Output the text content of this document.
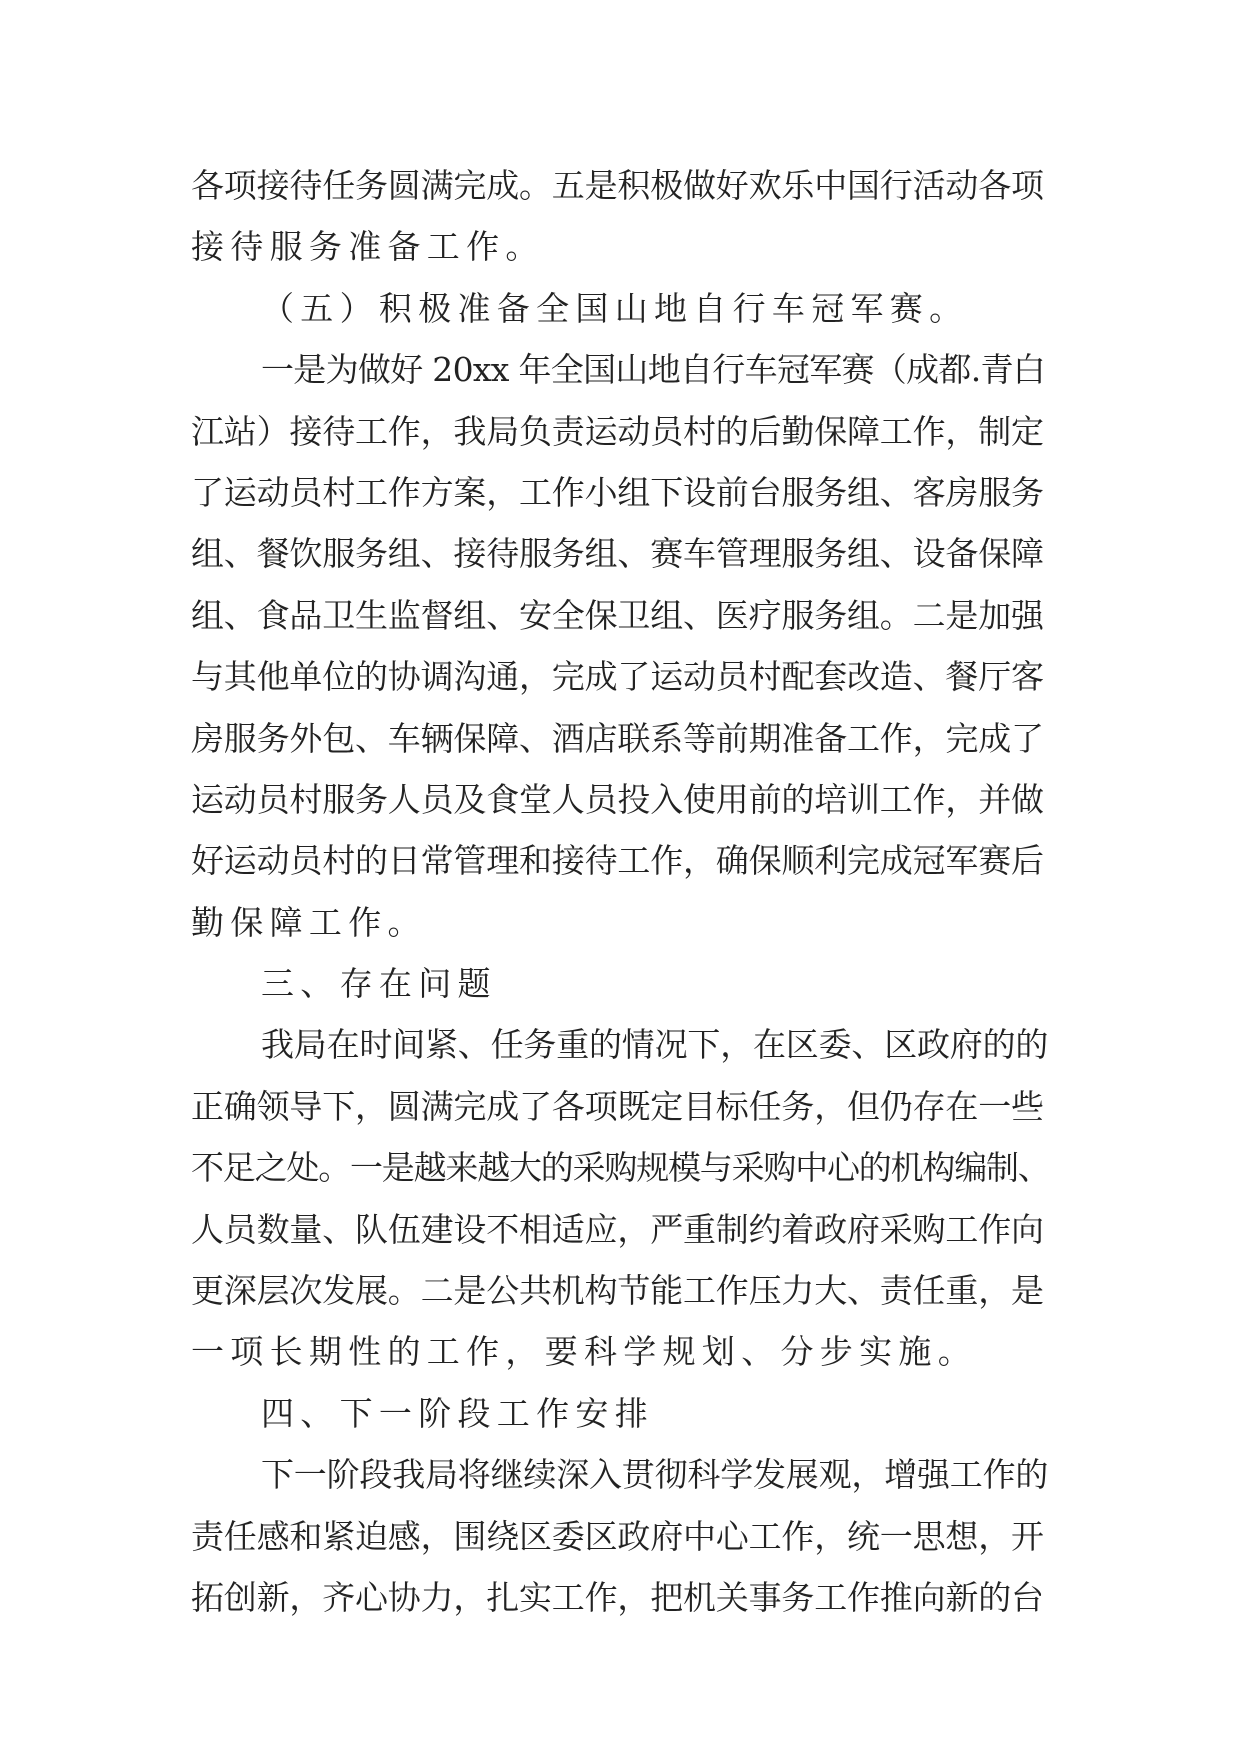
各项接待任务圆满完成。五是积极做好欢乐中国行活动各项
接待服务准备工作。
（五）积极准备全国山地自行车冠军赛。
一是为做好 20xx 年全国山地自行车冠军赛（成都.青白
江站）接待工作，我局负责运动员村的后勤保障工作，制定
了运动员村工作方案，工作小组下设前台服务组、客房服务
组、餐饮服务组、接待服务组、赛车管理服务组、设备保障
组、食品卫生监督组、安全保卫组、医疗服务组。二是加强
与其他单位的协调沟通，完成了运动员村配套改造、餐厅客
房服务外包、车辆保障、酒店联系等前期准备工作，完成了
运动员村服务人员及食堂人员投入使用前的培训工作，并做
好运动员村的日常管理和接待工作，确保顺利完成冠军赛后
勤保障工作。
三、存在问题
我局在时间紧、任务重的情况下，在区委、区政府的的
正确领导下，圆满完成了各项既定目标任务，但仍存在一些
不足之处。一是越来越大的采购规模与采购中心的机构编制、
人员数量、队伍建设不相适应，严重制约着政府采购工作向
更深层次发展。二是公共机构节能工作压力大、责任重，是
一项长期性的工作，要科学规划、分步实施。
四、下一阶段工作安排
下一阶段我局将继续深入贯彻科学发展观，增强工作的
责任感和紧迫感，围绕区委区政府中心工作，统一思想，开
拓创新，齐心协力，扎实工作，把机关事务工作推向新的台
